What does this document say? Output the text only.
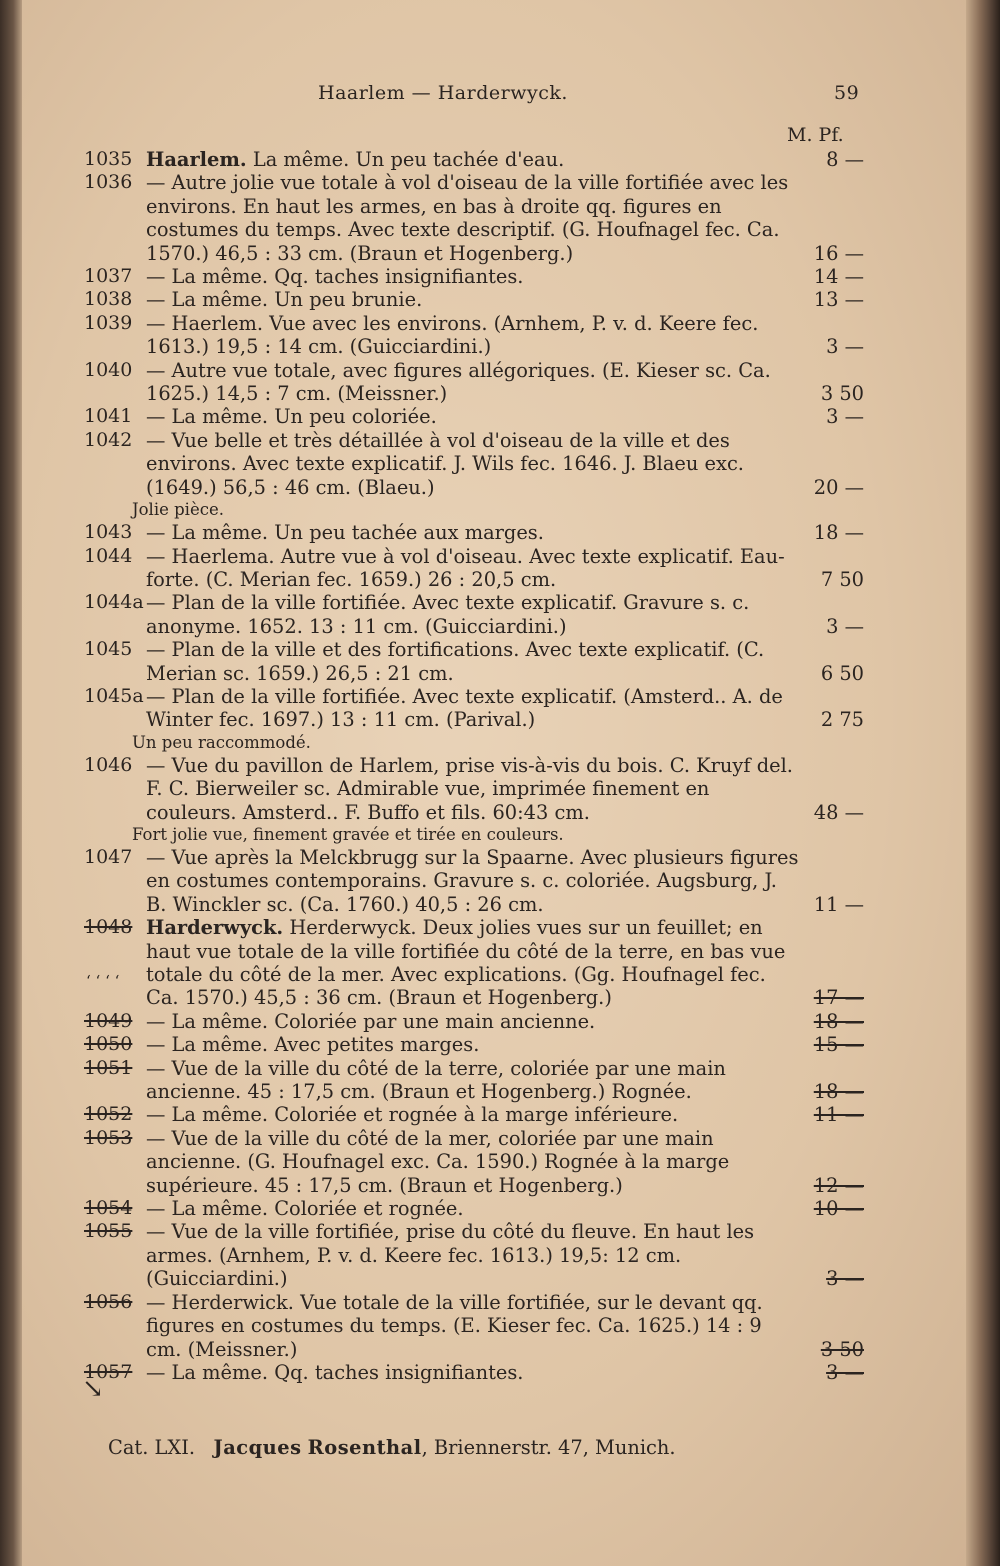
Haarlem — Harderwyck.	59
M. Pf.
1035 Haarlem. La même. Un peu tachée d'eau.	8 —
1036 — Autre jolie vue totale à vol d'oiseau de la ville fortifiée avec les environs. En haut les armes, en bas à droite qq. figures en costumes du temps. Avec texte descriptif. (G. Houfnagel fec. Ca. 1570.) 46,5 : 33 cm. (Braun et Hogenberg.)	16 —
1037 — La même. Qq. taches insignifiantes.	14 —
1038 — La même. Un peu brunie.	13 —
1039 — Haerlem. Vue avec les environs. (Arnhem, P. v. d. Keere fec. 1613.) 19,5 : 14 cm. (Guicciardini.)	3 —
1040 — Autre vue totale, avec figures allégoriques. (E. Kieser sc. Ca. 1625.) 14,5 : 7 cm. (Meissner.)	3 50
1041 — La même. Un peu coloriée.	3 —
1042 — Vue belle et très détaillée à vol d'oiseau de la ville et des environs. Avec texte explicatif. J. Wils fec. 1646. J. Blaeu exc. (1649.) 56,5 : 46 cm. (Blaeu.)	20 —
Jolie pièce.
1043 — La même. Un peu tachée aux marges.	18 —
1044 — Haerlema. Autre vue à vol d'oiseau. Avec texte explicatif. Eau-forte. (C. Merian fec. 1659.) 26 : 20,5 cm.	7 50
1044a — Plan de la ville fortifiée. Avec texte explicatif. Gravure s. c. anonyme. 1652. 13 : 11 cm. (Guicciardini.)	3 —
1045 — Plan de la ville et des fortifications. Avec texte explicatif. (C. Merian sc. 1659.) 26,5 : 21 cm.	6 50
1045a — Plan de la ville fortifiée. Avec texte explicatif. (Amsterd.. A. de Winter fec. 1697.) 13 : 11 cm. (Parival.)	2 75
Un peu raccommodé.
1046 — Vue du pavillon de Harlem, prise vis-à-vis du bois. C. Kruyf del. F. C. Bierweiler sc. Admirable vue, imprimée finement en couleurs. Amsterd.. F. Buffo et fils. 60:43 cm.	48 —
Fort jolie vue, finement gravée et tirée en couleurs.
1047 — Vue après la Melckbrugg sur la Spaarne. Avec plusieurs figures en costumes contemporains. Gravure s. c. coloriée. Augsburg, J. B. Winckler sc. (Ca. 1760.) 40,5 : 26 cm.	11 —
1048 Harderwyck. Herderwyck. Deux jolies vues sur un feuillet; en haut vue totale de la ville fortifiée du côté de la terre, en bas vue totale du côté de la mer. Avec explications. (Gg. Houfnagel fec. Ca. 1570.) 45,5 : 36 cm. (Braun et Hogenberg.)	17 —
1049 — La même. Coloriée par une main ancienne.	18 —
1050 — La même. Avec petites marges.	15 —
1051 — Vue de la ville du côté de la terre, coloriée par une main ancienne. 45 : 17,5 cm. (Braun et Hogenberg.) Rognée.	18 —
1052 — La même. Coloriée et rognée à la marge inférieure.	11 —
1053 — Vue de la ville du côté de la mer, coloriée par une main ancienne. (G. Houfnagel exc. Ca. 1590.) Rognée à la marge supérieure. 45 : 17,5 cm. (Braun et Hogenberg.)	12 —
1054 — La même. Coloriée et rognée.	10 —
1055 — Vue de la ville fortifiée, prise du côté du fleuve. En haut les armes. (Arnhem, P. v. d. Keere fec. 1613.) 19,5: 12 cm. (Guicciardini.)	3 —
1056 — Herderwick. Vue totale de la ville fortifiée, sur le devant qq. figures en costumes du temps. (E. Kieser fec. Ca. 1625.) 14 : 9 cm. (Meissner.)	3 50
1057 — La même. Qq. taches insignifiantes.	3 —
ʻ ʻ ʻ ʻ
↘
Cat. LXI. Jacques Rosenthal, Briennerstr. 47, Munich.
